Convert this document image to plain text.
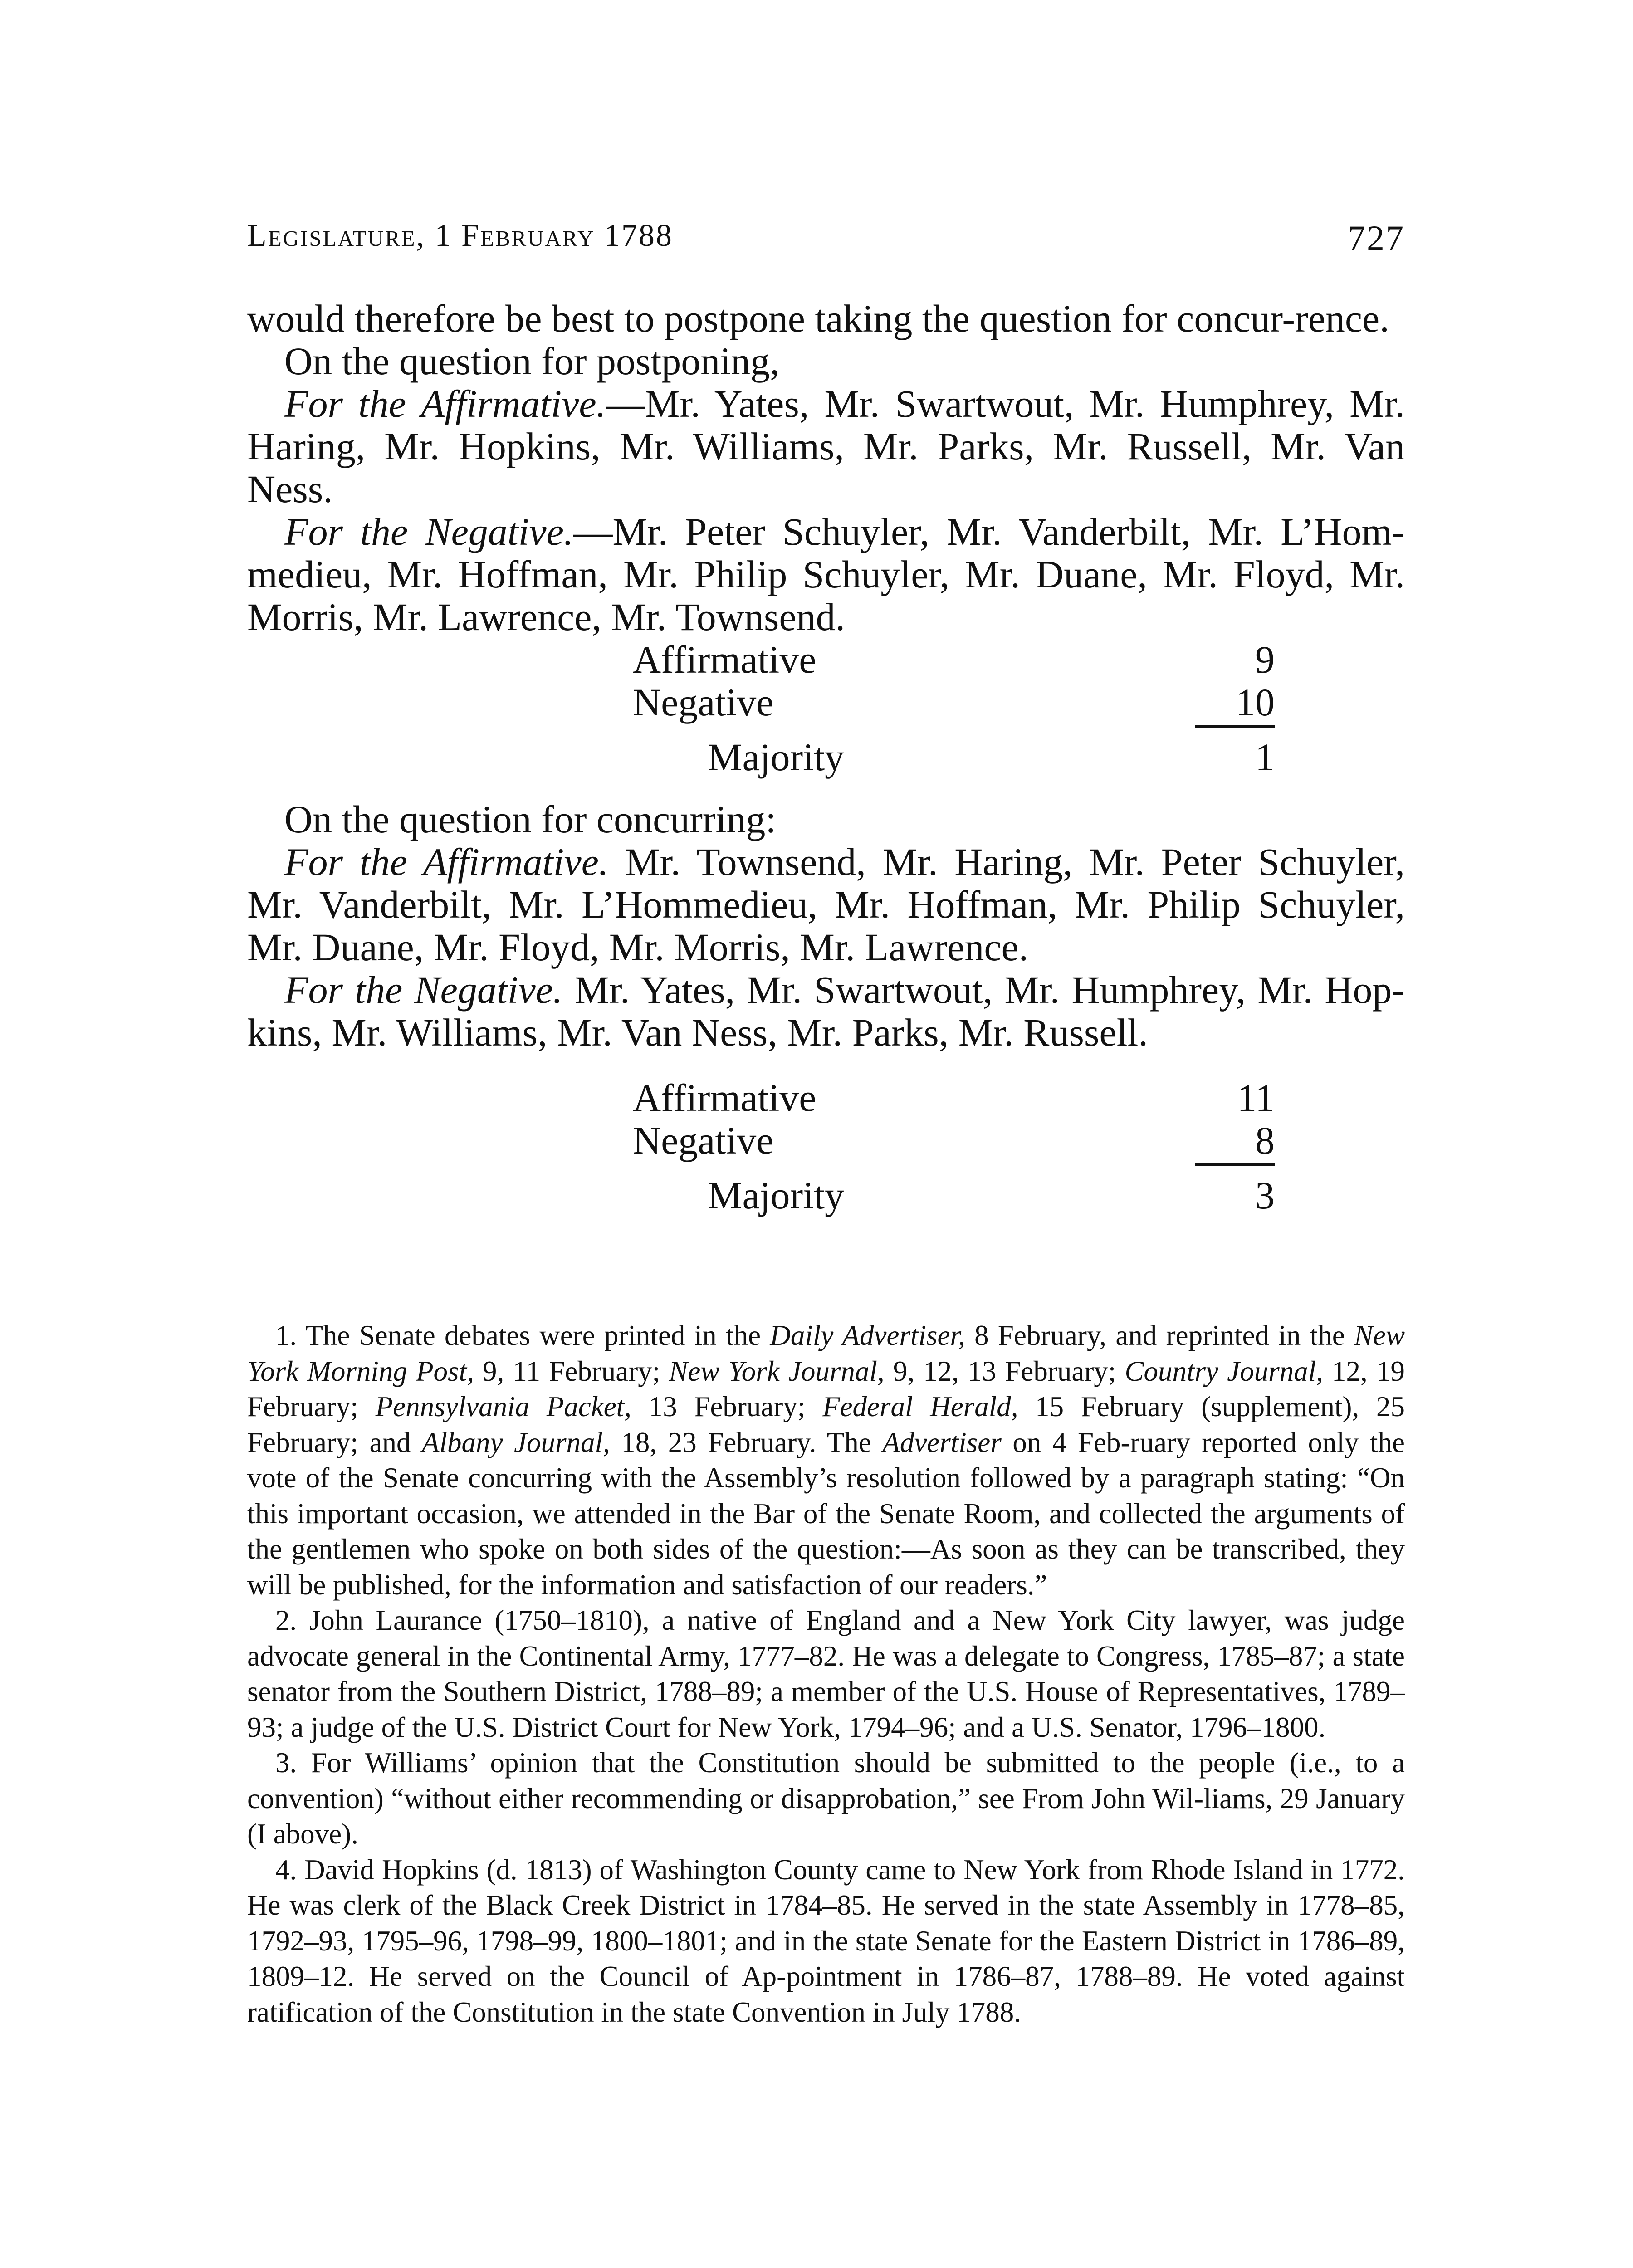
Legislature, 1 February 1788	727

would therefore be best to postpone taking the question for concur-rence.

On the question for postponing,

For the Affirmative.—Mr. Yates, Mr. Swartwout, Mr. Humphrey, Mr. Haring, Mr. Hopkins, Mr. Williams, Mr. Parks, Mr. Russell, Mr. Van Ness.

For the Negative.—Mr. Peter Schuyler, Mr. Vanderbilt, Mr. L’Hom-medieu, Mr. Hoffman, Mr. Philip Schuyler, Mr. Duane, Mr. Floyd, Mr. Morris, Mr. Lawrence, Mr. Townsend.

Affirmative	9
Negative	10
Majority	1

On the question for concurring:

For the Affirmative. Mr. Townsend, Mr. Haring, Mr. Peter Schuyler, Mr. Vanderbilt, Mr. L’Hommedieu, Mr. Hoffman, Mr. Philip Schuyler, Mr. Duane, Mr. Floyd, Mr. Morris, Mr. Lawrence.

For the Negative. Mr. Yates, Mr. Swartwout, Mr. Humphrey, Mr. Hop-kins, Mr. Williams, Mr. Van Ness, Mr. Parks, Mr. Russell.

Affirmative	11
Negative	8
Majority	3

1. The Senate debates were printed in the Daily Advertiser, 8 February, and reprinted in the New York Morning Post, 9, 11 February; New York Journal, 9, 12, 13 February; Country Journal, 12, 19 February; Pennsylvania Packet, 13 February; Federal Herald, 15 February (supplement), 25 February; and Albany Journal, 18, 23 February. The Advertiser on 4 Feb-ruary reported only the vote of the Senate concurring with the Assembly’s resolution followed by a paragraph stating: “On this important occasion, we attended in the Bar of the Senate Room, and collected the arguments of the gentlemen who spoke on both sides of the question:—As soon as they can be transcribed, they will be published, for the information and satisfaction of our readers.”

2. John Laurance (1750–1810), a native of England and a New York City lawyer, was judge advocate general in the Continental Army, 1777–82. He was a delegate to Congress, 1785–87; a state senator from the Southern District, 1788–89; a member of the U.S. House of Representatives, 1789–93; a judge of the U.S. District Court for New York, 1794–96; and a U.S. Senator, 1796–1800.

3. For Williams’ opinion that the Constitution should be submitted to the people (i.e., to a convention) “without either recommending or disapprobation,” see From John Wil-liams, 29 January (I above).

4. David Hopkins (d. 1813) of Washington County came to New York from Rhode Island in 1772. He was clerk of the Black Creek District in 1784–85. He served in the state Assembly in 1778–85, 1792–93, 1795–96, 1798–99, 1800–1801; and in the state Senate for the Eastern District in 1786–89, 1809–12. He served on the Council of Ap-pointment in 1786–87, 1788–89. He voted against ratification of the Constitution in the state Convention in July 1788.
